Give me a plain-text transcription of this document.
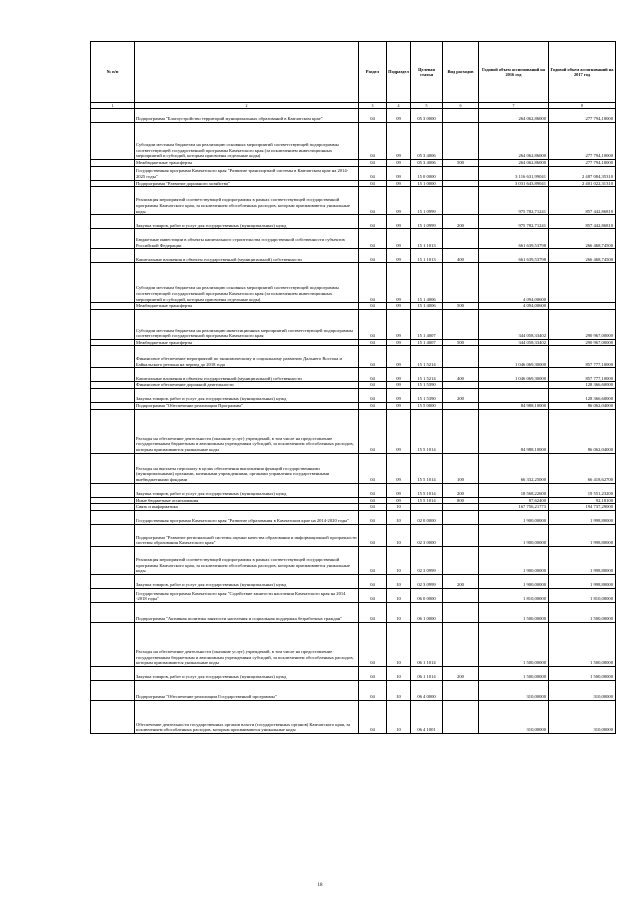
№ п/п		Раздел	Подраздел	Целевая статья	Вид расходов	Годовой объем ассигнований на 2016 год	Годовой объем ассигнований на 2017 год
1	2	3	4	5	6	7	8
	Подпрограмма "Благоустройство территорий муниципальных образований в Камчатском крае"	04	09	05 3 0000		264 062,86000	277 794,10000
	Субсидии местным бюджетам на реализацию основных мероприятий соответствующей подпрограммы соответствующей государственной программы Камчатского края (за исключением инвестиционных мероприятий и субсидий, которым присвоены отдельные коды)	04	09	05 3 4006		264 062,86000	277 794,10000
	Межбюджетные трансферты	04	09	05 3 4006	500	264 062,86000	277 794,10000
	Государственная программа Камчатского края "Развитие транспортной системы в Камчатском крае на 2014-2025 годы"	04	09	15 0 0000		3 116 631,99041	2 487 084,35310
	Подпрограмма "Развитие дорожного хозяйства"	04	09	15 1 0000		3 031 643,89041	2 401 022,31310
	Реализация мероприятий соответствующей подпрограммы в рамках соответствующей государственной программы Камчатского края, за исключением обособленных расходов, которым присваиваются уникальные коды	04	09	15 1 0999		975 782,71241	857 442,86810
	Закупка товаров, работ и услуг для государственных (муниципальных) нужд	04	09	15 1 0999	200	975 782,71241	857 442,86810
	Бюджетные инвестиции в объекты капитального строительства государственной собственности субъектов Российской Федерации	04	09	15 1 1013		661 639,53798	266 468,74500
	Капитальные вложения в объекты государственной (муниципальной) собственности	04	09	15 1 1013	400	661 639,53798	266 468,74500
	Субсидии местным бюджетам на реализацию основных мероприятий соответствующей подпрограммы соответствующей государственной программы Камчатского края (за исключением инвестиционных мероприятий и субсидий, которым присвоены отдельные коды)	04	09	15 1 4006		4 094,00600	
	Межбюджетные трансферты	04	09	15 1 4006	500	4 094,00600	
	Субсидии местным бюджетам на реализацию инвестиционных мероприятий соответствующей подпрограммы соответствующей государственной программы Камчатского края	04	09	15 1 4007		344 058,33402	290 967,00000
	Межбюджетные трансферты	04	09	15 1 4007	500	344 058,33402	290 967,00000
	Финансовое обеспечение мероприятий по экономическому и социальному развитию Дальнего Востока и Байкальского региона на период до 2018 года	04	09	15 1 5214		1 046 069,30000	857 777,10000
	Капитальные вложения в объекты государственной (муниципальной) собственности	04	09	15 1 5214	400	1 046 069,30000	857 777,10000
	Финансовое обеспечение дорожной деятельности	04	09	15 1 5390			128 366,60000
	Закупка товаров, работ и услуг для государственных (муниципальных) нужд	04	09	15 1 5390	200		128 366,60000
	Подпрограмма "Обеспечение реализации Программы"	04	09	15 5 0000		84 988,10000	86 062,04000
	Расходы на обеспечение деятельности (оказание услуг) учреждений, в том числе на предоставление государственным бюджетным и автономным учреждениям субсидий, за исключением обособленных расходов, которым присваиваются уникальные коды	04	09	15 5 1014		84 988,10000	86 062,04000
	Расходы на выплаты персоналу в целях обеспечения выполнения функций государственными (муниципальными) органами, казенными учреждениями, органами управления государственными внебюджетными фондами	04	09	15 5 1014	100	66 332,25000	66 418,62700
	Закупка товаров, работ и услуг для государственных (муниципальных) нужд	04	09	15 5 1014	200	18 568,22600	19 551,23200
	Иные бюджетные ассигнования	04	09	15 5 1014	800	87,62400	92,18100
	Связь и информатика	04	10			167 756,21773	194 737,29000
	Государственная программа Камчатского края "Развитие образования в Камчатском крае на 2014-2020 годы"	04	10	02 0 0000		1 900,00000	1 998,80000
	Подпрограмма "Развитие региональной системы оценки качества образования и информационной прозрачности системы образования Камчатского края"	04	10	02 3 0000		1 900,00000	1 998,80000
	Реализация мероприятий соответствующей подпрограммы в рамках соответствующей государственной программы Камчатского края, за исключением обособленных расходов, которым присваиваются уникальные коды	04	10	02 3 0999		1 900,00000	1 998,80000
	Закупка товаров, работ и услуг для государственных (муниципальных) нужд	04	10	02 3 0999	200	1 900,00000	1 998,80000
	Государственная программа Камчатского края "Содействие занятости населения Камчатского края на 2014 -2018 годы"	04	10	06 0 0000		1 810,00000	1 810,00000
	Подпрограмма "Активная политика занятости населения и социальная поддержка безработных граждан"	04	10	06 1 0000		1 500,00000	1 500,00000
	Расходы на обеспечение деятельности (оказание услуг) учреждений, в том числе на предоставление государственным бюджетным и автономным учреждениям субсидий, за исключением обособленных расходов, которым присваиваются уникальные коды	04	10	06 1 1014		1 500,00000	1 500,00000
	Закупка товаров, работ и услуг для государственных (муниципальных) нужд	04	10	06 1 1014	200	1 500,00000	1 500,00000
	Подпрограмма "Обеспечение реализации Государственной программы"	04	10	06 4 0000		310,00000	310,00000
	Обеспечение деятельности государственных органов власти (государственных органов) Камчатского края, за исключением обособленных расходов, которым присваиваются уникальные коды	04	10	06 4 1001		310,00000	310,00000
18
